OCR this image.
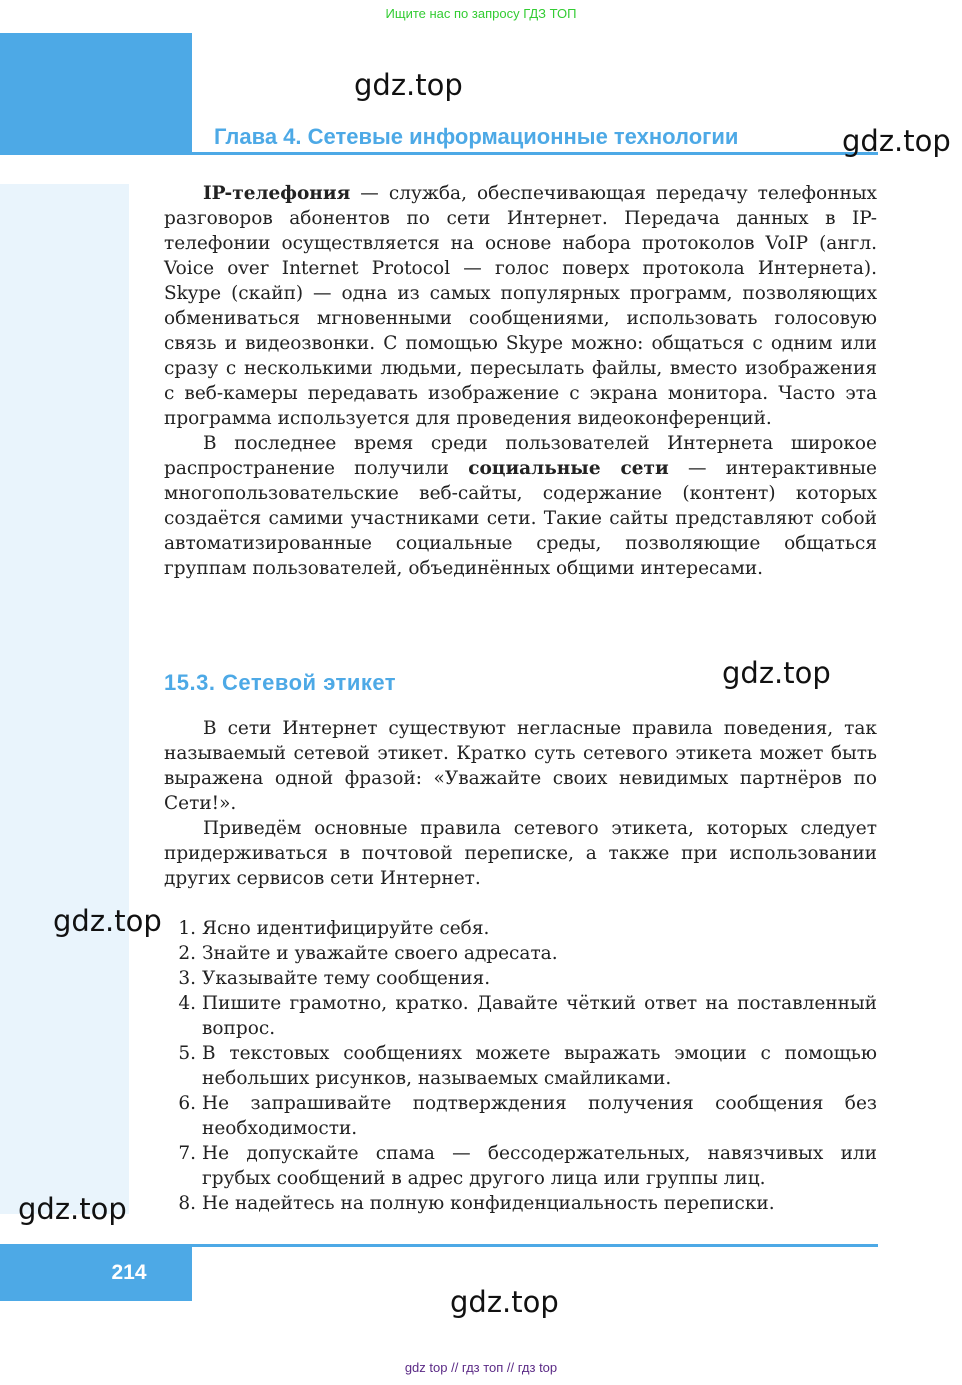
Ищите нас по запросу ГДЗ ТОП
Глава 4. Сетевые информационные технологии
gdz.top
gdz.top
gdz.top
gdz.top
gdz.top
gdz.top

IP-телефония — служба, обеспечивающая передачу телефонных разговоров абонентов по сети Интернет. Передача данных в IP-телефонии осуществляется на основе набора протоколов VoIP (англ. Voice over Internet Protocol — голос поверх протокола Интернета). Skype (скайп) — одна из самых популярных программ, позволяющих обмениваться мгновенными сообщениями, использовать голосовую связь и видеозвонки. С помощью Skype можно: общаться с одним или сразу с несколькими людьми, пересылать файлы, вместо изображения с веб-камеры передавать изображение с экрана монитора. Часто эта программа используется для проведения видеоконференций.

В последнее время среди пользователей Интернета широкое распространение получили социальные сети — интерактивные многопользовательские веб-сайты, содержание (контент) которых создаётся самими участниками сети. Такие сайты представляют собой автоматизированные социальные среды, позволяющие общаться группам пользователей, объединённых общими интересами.

15.3. Сетевой этикет

В сети Интернет существуют негласные правила поведения, так называемый сетевой этикет. Кратко суть сетевого этикета может быть выражена одной фразой: «Уважайте своих невидимых партнёров по Сети!».

Приведём основные правила сетевого этикета, которых следует придерживаться в почтовой переписке, а также при использовании других сервисов сети Интернет.

1. Ясно идентифицируйте себя.
2. Знайте и уважайте своего адресата.
3. Указывайте тему сообщения.
4. Пишите грамотно, кратко. Давайте чёткий ответ на поставленный вопрос.
5. В текстовых сообщениях можете выражать эмоции с помощью небольших рисунков, называемых смайликами.
6. Не запрашивайте подтверждения получения сообщения без необходимости.
7. Не допускайте спама — бессодержательных, навязчивых или грубых сообщений в адрес другого лица или группы лиц.
8. Не надейтесь на полную конфиденциальность переписки.
214
gdz top // гдз топ // гдз top
